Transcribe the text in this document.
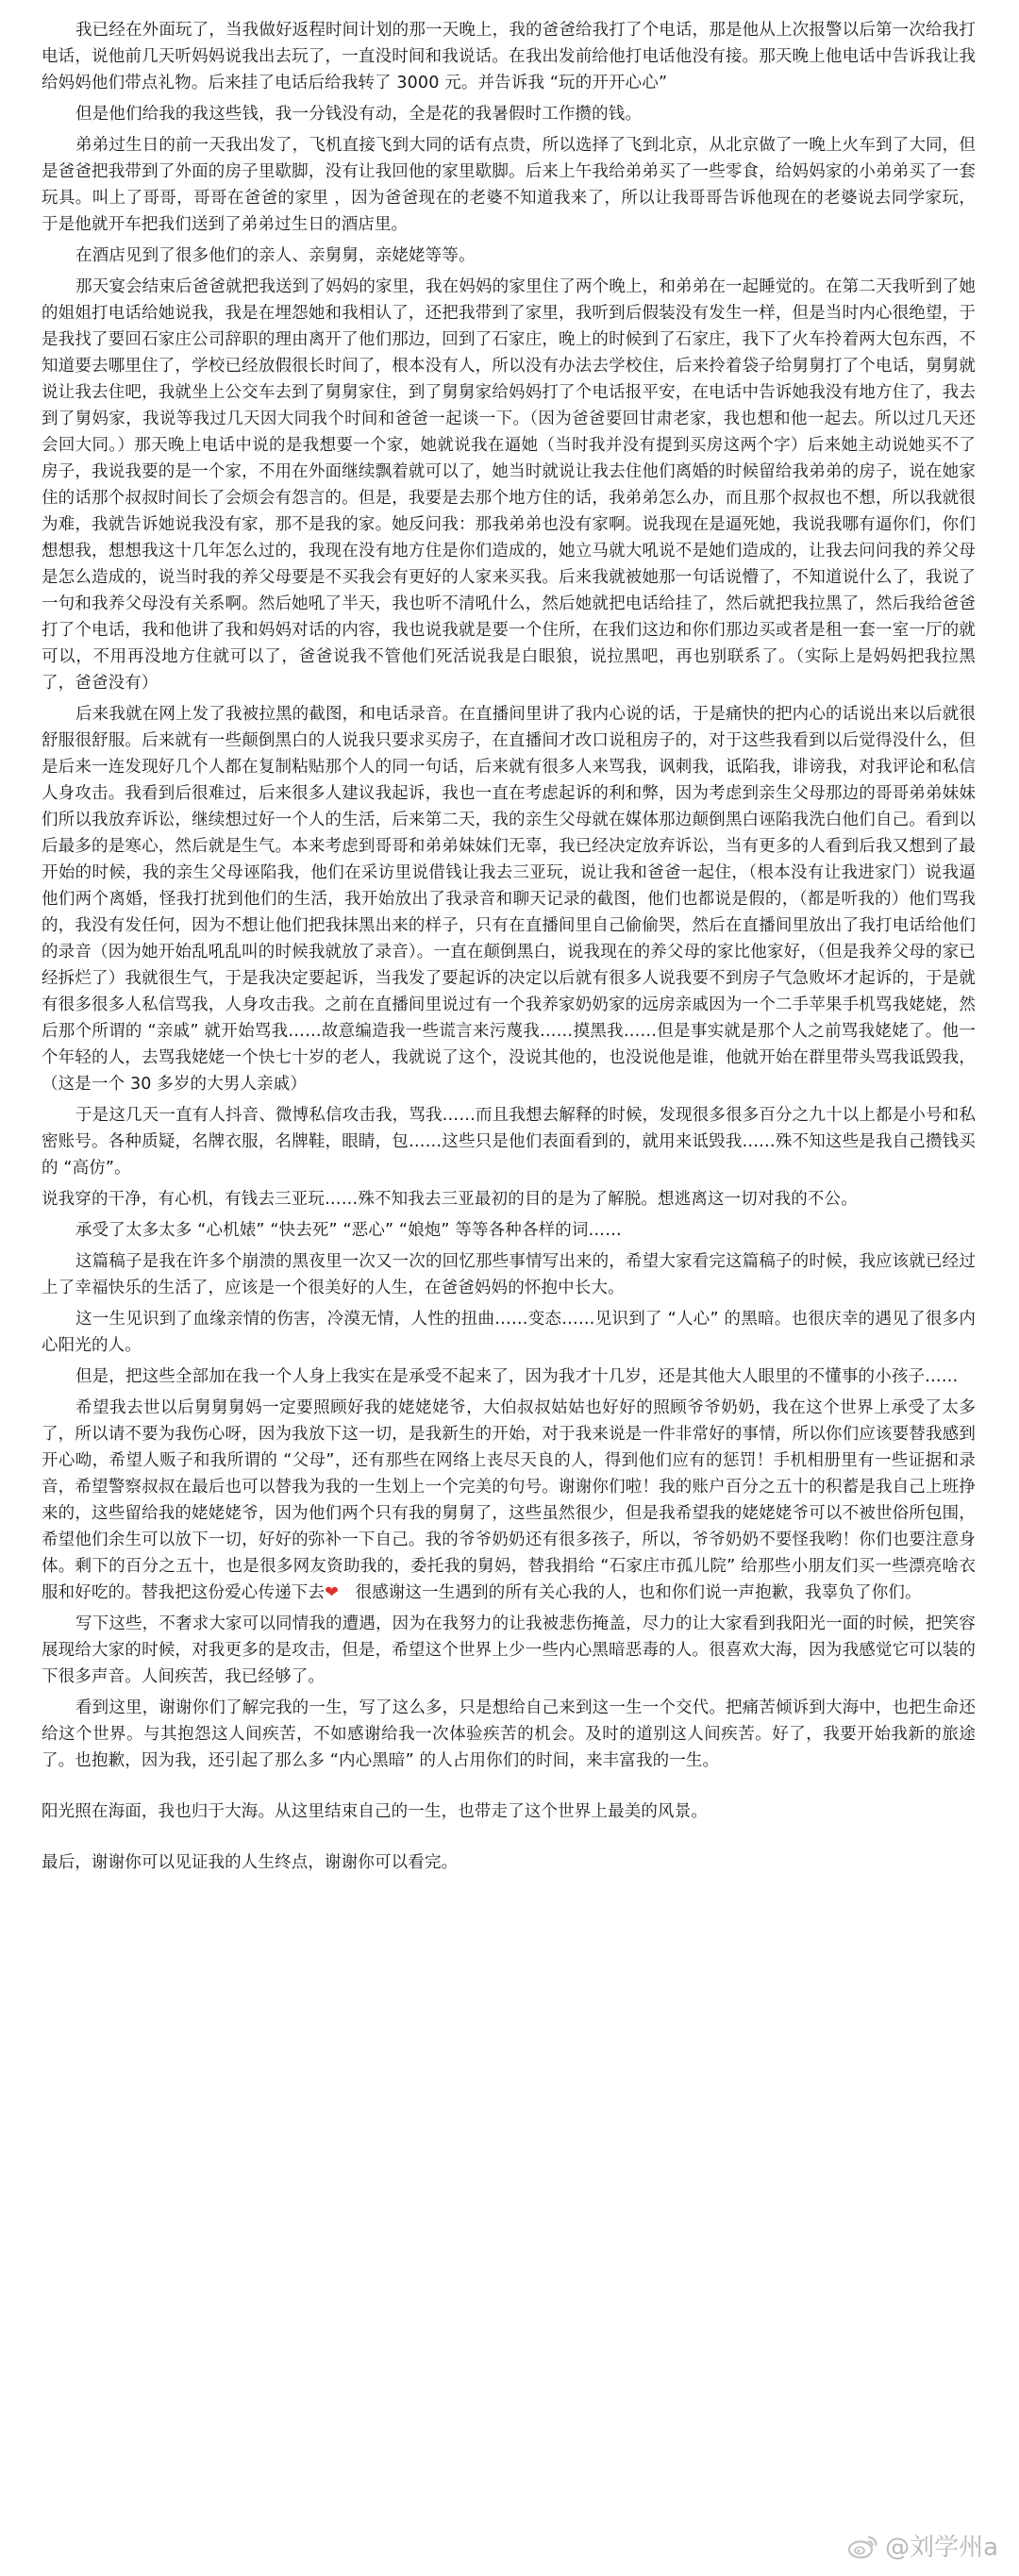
我已经在外面玩了，当我做好返程时间计划的那一天晚上，我的爸爸给我打了个电话，那是他从上次报警以后第一次给我打电话，说他前几天听妈妈说我出去玩了，一直没时间和我说话。在我出发前给他打电话他没有接。那天晚上他电话中告诉我让我给妈妈他们带点礼物。后来挂了电话后给我转了 3000 元。并告诉我 “玩的开开心心”

但是他们给我的我这些钱，我一分钱没有动，全是花的我暑假时工作攒的钱。

弟弟过生日的前一天我出发了，飞机直接飞到大同的话有点贵，所以选择了飞到北京，从北京做了一晚上火车到了大同，但是爸爸把我带到了外面的房子里歇脚，没有让我回他的家里歇脚。后来上午我给弟弟买了一些零食，给妈妈家的小弟弟买了一套玩具。叫上了哥哥，哥哥在爸爸的家里 ，因为爸爸现在的老婆不知道我来了，所以让我哥哥告诉他现在的老婆说去同学家玩，于是他就开车把我们送到了弟弟过生日的酒店里。

在酒店见到了很多他们的亲人、亲舅舅，亲姥姥等等。

那天宴会结束后爸爸就把我送到了妈妈的家里，我在妈妈的家里住了两个晚上，和弟弟在一起睡觉的。在第二天我听到了她的姐姐打电话给她说我，我是在埋怨她和我相认了，还把我带到了家里，我听到后假装没有发生一样，但是当时内心很绝望，于是我找了要回石家庄公司辞职的理由离开了他们那边，回到了石家庄，晚上的时候到了石家庄，我下了火车拎着两大包东西，不知道要去哪里住了，学校已经放假很长时间了，根本没有人，所以没有办法去学校住，后来拎着袋子给舅舅打了个电话，舅舅就说让我去住吧，我就坐上公交车去到了舅舅家住，到了舅舅家给妈妈打了个电话报平安，在电话中告诉她我没有地方住了，我去到了舅妈家，我说等我过几天因大同我个时间和爸爸一起谈一下。（因为爸爸要回甘肃老家，我也想和他一起去。所以过几天还会回大同。）那天晚上电话中说的是我想要一个家，她就说我在逼她（当时我并没有提到买房这两个字）后来她主动说她买不了房子，我说我要的是一个家，不用在外面继续飘着就可以了，她当时就说让我去住他们离婚的时候留给我弟弟的房子，说在她家住的话那个叔叔时间长了会烦会有怨言的。但是，我要是去那个地方住的话，我弟弟怎么办，而且那个叔叔也不想，所以我就很为难，我就告诉她说我没有家，那不是我的家。她反问我：那我弟弟也没有家啊。说我现在是逼死她，我说我哪有逼你们，你们想想我，想想我这十几年怎么过的，我现在没有地方住是你们造成的，她立马就大吼说不是她们造成的，让我去问问我的养父母是怎么造成的，说当时我的养父母要是不买我会有更好的人家来买我。后来我就被她那一句话说懵了，不知道说什么了，我说了一句和我养父母没有关系啊。然后她吼了半天，我也听不清吼什么，然后她就把电话给挂了，然后就把我拉黑了，然后我给爸爸打了个电话，我和他讲了我和妈妈对话的内容，我也说我就是要一个住所，在我们这边和你们那边买或者是租一套一室一厅的就可以，不用再没地方住就可以了，爸爸说我不管他们死活说我是白眼狼，说拉黑吧，再也别联系了。（实际上是妈妈把我拉黑了，爸爸没有）

后来我就在网上发了我被拉黑的截图，和电话录音。在直播间里讲了我内心说的话，于是痛快的把内心的话说出来以后就很舒服很舒服。后来就有一些颠倒黑白的人说我只要求买房子，在直播间才改口说租房子的，对于这些我看到以后觉得没什么，但是后来一连发现好几个人都在复制粘贴那个人的同一句话，后来就有很多人来骂我，讽刺我，诋陷我，诽谤我，对我评论和私信人身攻击。我看到后很难过，后来很多人建议我起诉，我也一直在考虑起诉的利和弊，因为考虑到亲生父母那边的哥哥弟弟妹妹们所以我放弃诉讼，继续想过好一个人的生活，后来第二天，我的亲生父母就在媒体那边颠倒黑白诬陷我洗白他们自己。看到以后最多的是寒心，然后就是生气。本来考虑到哥哥和弟弟妹妹们无辜，我已经决定放弃诉讼，当有更多的人看到后我又想到了最开始的时候，我的亲生父母诬陷我，他们在采访里说借钱让我去三亚玩，说让我和爸爸一起住，（根本没有让我进家门）说我逼他们两个离婚，怪我打扰到他们的生活，我开始放出了我录音和聊天记录的截图，他们也都说是假的，（都是听我的）他们骂我的，我没有发任何，因为不想让他们把我抹黑出来的样子，只有在直播间里自己偷偷哭，然后在直播间里放出了我打电话给他们的录音（因为她开始乱吼乱叫的时候我就放了录音）。一直在颠倒黑白，说我现在的养父母的家比他家好，（但是我养父母的家已经拆烂了）我就很生气，于是我决定要起诉，当我发了要起诉的决定以后就有很多人说我要不到房子气急败坏才起诉的，于是就有很多很多人私信骂我，人身攻击我。之前在直播间里说过有一个我养家奶奶家的远房亲戚因为一个二手苹果手机骂我姥姥，然后那个所谓的 “亲戚” 就开始骂我……故意编造我一些谎言来污蔑我……摸黑我……但是事实就是那个人之前骂我姥姥了。他一个年轻的人，去骂我姥姥一个快七十岁的老人，我就说了这个，没说其他的，也没说他是谁，他就开始在群里带头骂我诋毁我，（这是一个 30 多岁的大男人亲戚）

于是这几天一直有人抖音、微博私信攻击我，骂我……而且我想去解释的时候，发现很多很多百分之九十以上都是小号和私密账号。各种质疑，名牌衣服，名牌鞋，眼睛，包……这些只是他们表面看到的，就用来诋毁我……殊不知这些是我自己攒钱买的 “高仿”。

说我穿的干净，有心机，有钱去三亚玩……殊不知我去三亚最初的目的是为了解脱。想逃离这一切对我的不公。

承受了太多太多 “心机婊” “快去死” “恶心” “娘炮” 等等各种各样的词……

这篇稿子是我在许多个崩溃的黑夜里一次又一次的回忆那些事情写出来的，希望大家看完这篇稿子的时候，我应该就已经过上了幸福快乐的生活了，应该是一个很美好的人生，在爸爸妈妈的怀抱中长大。

这一生见识到了血缘亲情的伤害，冷漠无情，人性的扭曲……变态……见识到了 “人心” 的黑暗。也很庆幸的遇见了很多内心阳光的人。

但是，把这些全部加在我一个人身上我实在是承受不起来了，因为我才十几岁，还是其他大人眼里的不懂事的小孩子……

希望我去世以后舅舅舅妈一定要照顾好我的姥姥姥爷，大伯叔叔姑姑也好好的照顾爷爷奶奶，我在这个世界上承受了太多了，所以请不要为我伤心呀，因为我放下这一切，是我新生的开始，对于我来说是一件非常好的事情，所以你们应该要替我感到开心呦，希望人贩子和我所谓的 “父母”，还有那些在网络上丧尽天良的人，得到他们应有的惩罚！手机相册里有一些证据和录音，希望警察叔叔在最后也可以替我为我的一生划上一个完美的句号。谢谢你们啦！我的账户百分之五十的积蓄是我自己上班挣来的，这些留给我的姥姥姥爷，因为他们两个只有我的舅舅了，这些虽然很少，但是我希望我的姥姥姥爷可以不被世俗所包围，希望他们余生可以放下一切，好好的弥补一下自己。我的爷爷奶奶还有很多孩子，所以，爷爷奶奶不要怪我哟！你们也要注意身体。剩下的百分之五十，也是很多网友资助我的，委托我的舅妈，替我捐给 “石家庄市孤儿院” 给那些小朋友们买一些漂亮啥衣服和好吃的。替我把这份爱心传递下去❤　 很感谢这一生遇到的所有关心我的人，也和你们说一声抱歉，我辜负了你们。

写下这些，不奢求大家可以同情我的遭遇，因为在我努力的让我被悲伤掩盖，尽力的让大家看到我阳光一面的时候，把笑容展现给大家的时候，对我更多的是攻击，但是，希望这个世界上少一些内心黑暗恶毒的人。很喜欢大海，因为我感觉它可以装的下很多声音。人间疾苦，我已经够了。

看到这里，谢谢你们了解完我的一生，写了这么多，只是想给自己来到这一生一个交代。把痛苦倾诉到大海中，也把生命还给这个世界。与其抱怨这人间疾苦，不如感谢给我一次体验疾苦的机会。及时的道别这人间疾苦。好了，我要开始我新的旅途了。也抱歉，因为我，还引起了那么多 “内心黑暗” 的人占用你们的时间，来丰富我的一生。

阳光照在海面，我也归于大海。从这里结束自己的一生，也带走了这个世界上最美的风景。

最后，谢谢你可以见证我的人生终点，谢谢你可以看完。

@刘学州a
